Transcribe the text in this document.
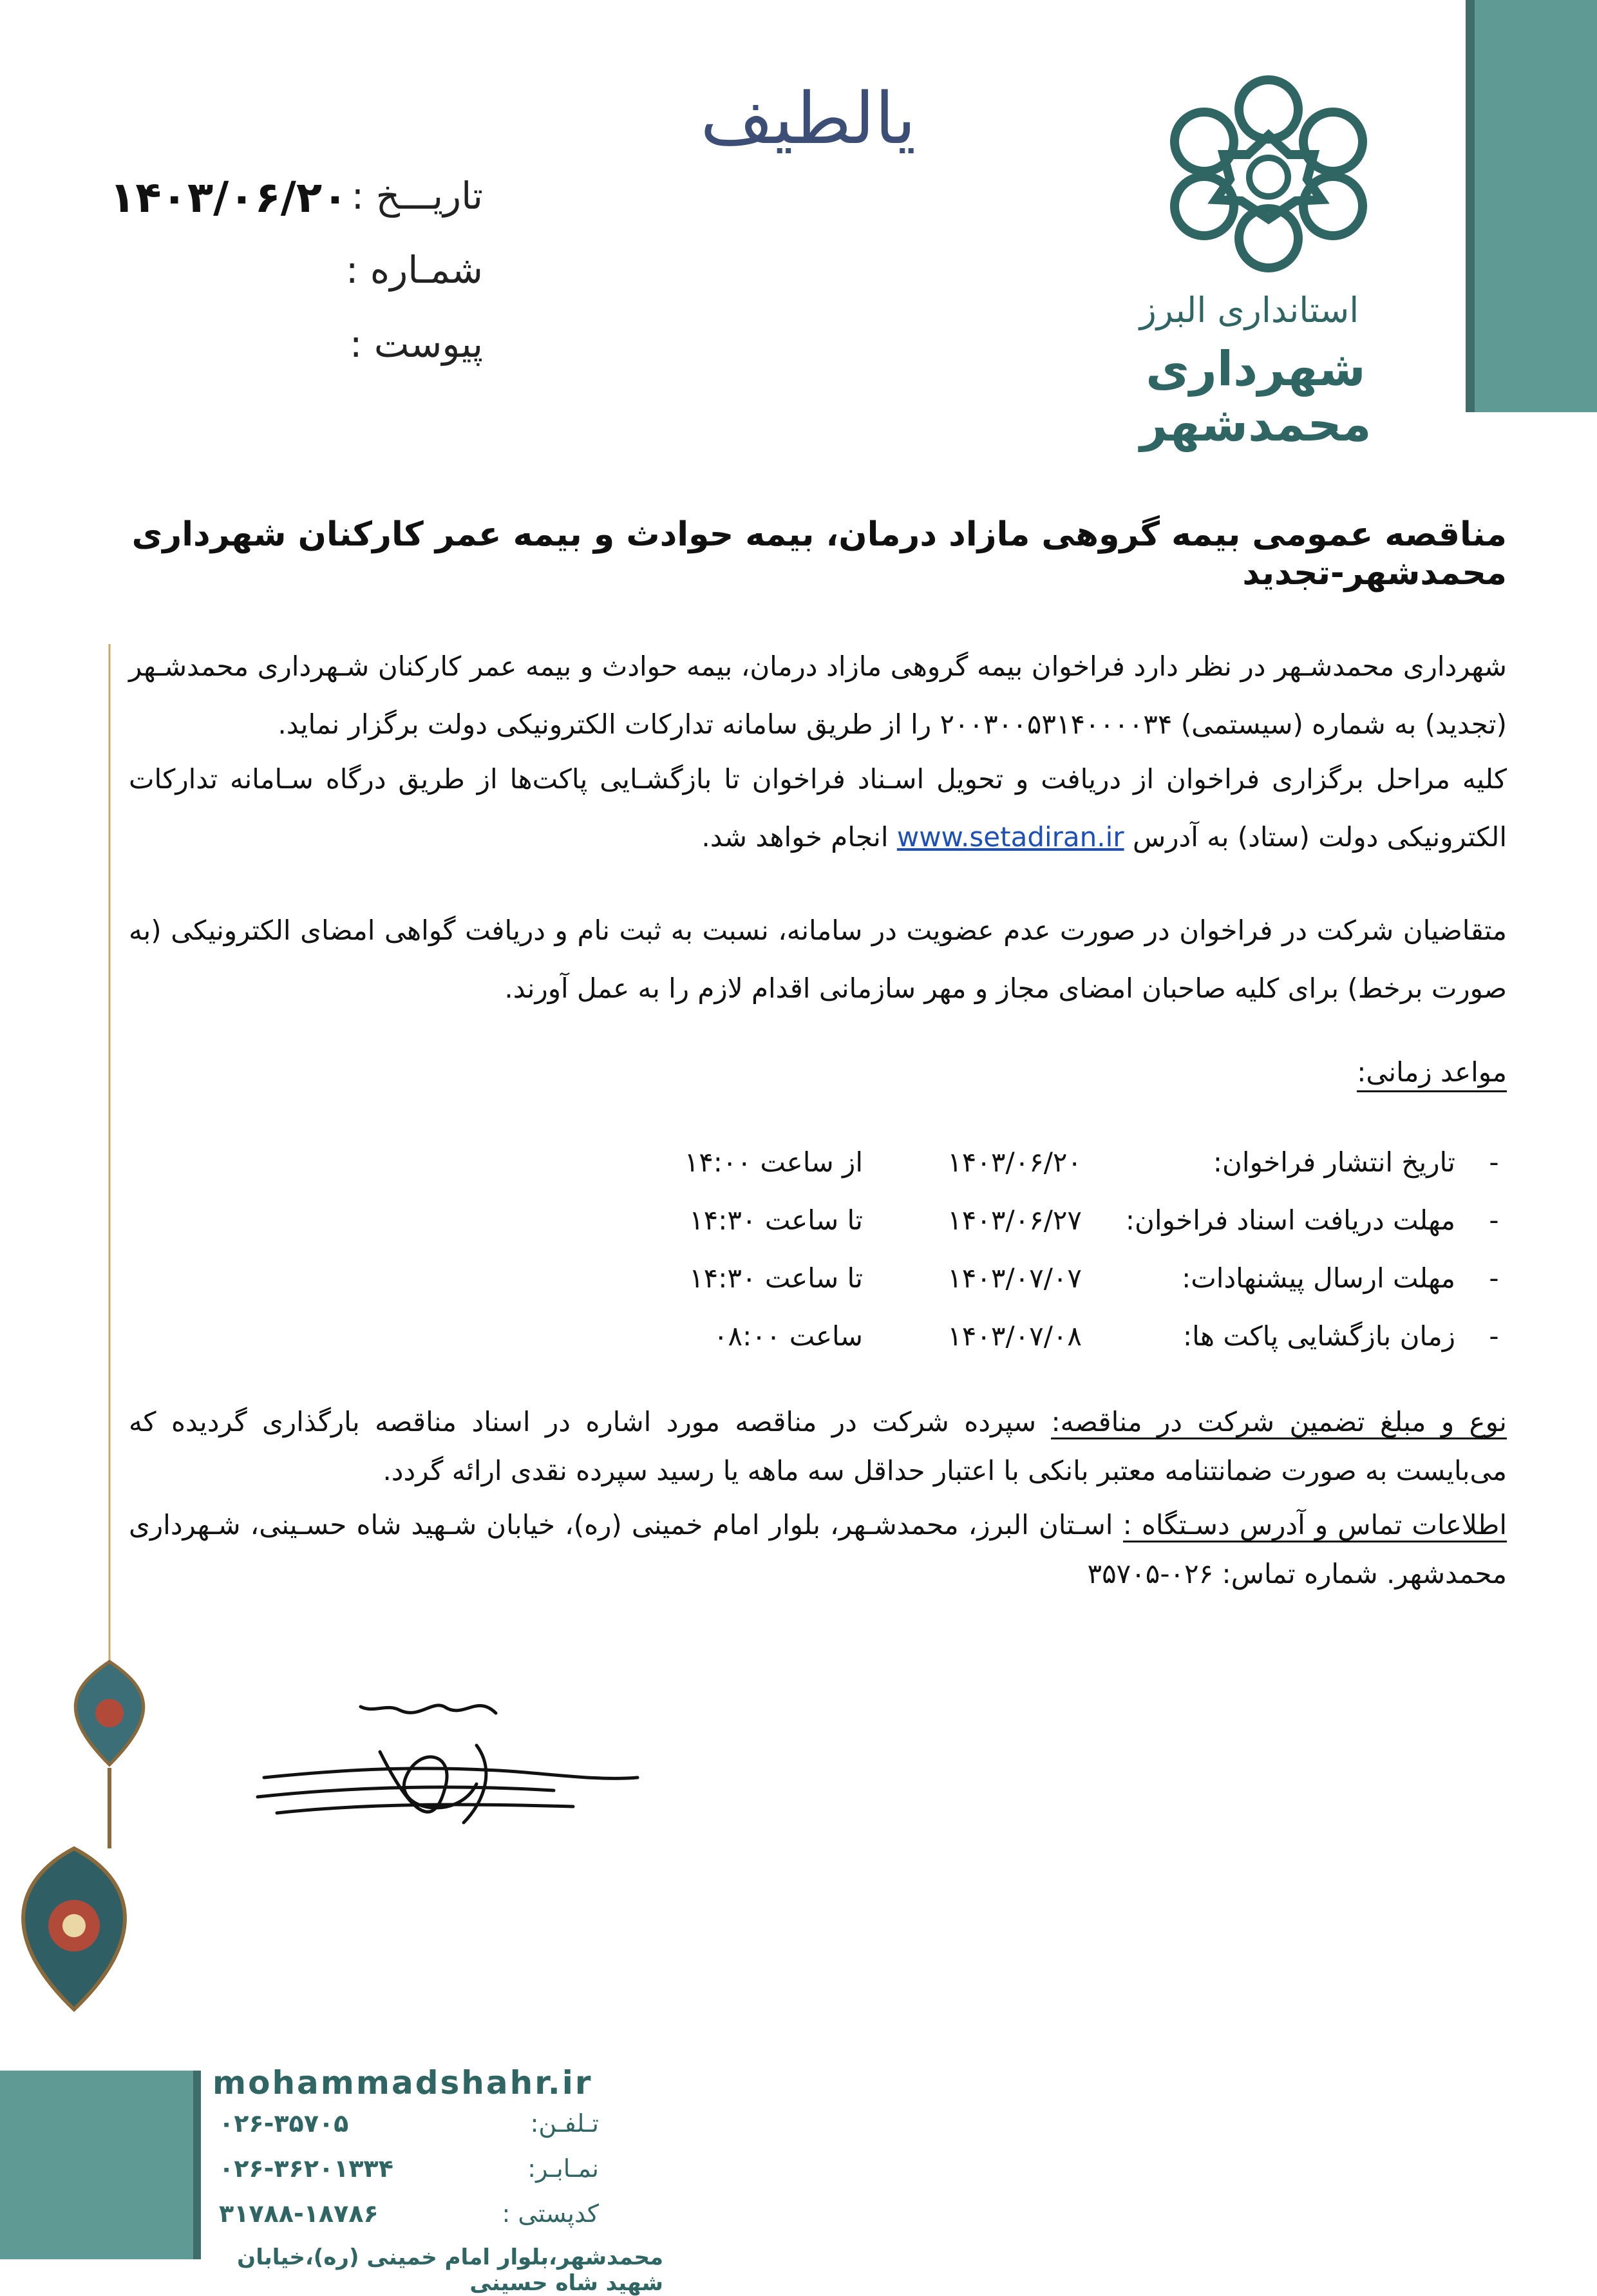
استانداری البرز
شهرداری محمدشهر
یالطیف
تاریـــخ :
۱۴۰۳/۰۶/۲۰
شمـاره :
پیوست :
مناقصه عمومی بیمه گروهی مازاد درمان، بیمه حوادث و بیمه عمر کارکنان شهرداری محمدشهر-تجدید
شهرداری محمدشـهر در نظر دارد فراخوان بیمه گروهی مازاد درمان، بیمه حوادث و بیمه عمر کارکنان شـهرداری محمدشـهر (تجدید) به شماره (سیستمی) ۲۰۰۳۰۰۵۳۱۴۰۰۰۰۳۴ را از طریق سامانه تدارکات الکترونیکی دولت برگزار نماید.
کلیه مراحل برگزاری فراخوان از دریافت و تحویل اسـناد فراخوان تا بازگشـایی پاکت‌ها از طریق درگاه سـامانه تدارکات الکترونیکی دولت (ستاد) به آدرس www.setadiran.ir انجام خواهد شد.
متقاضیان شرکت در فراخوان در صورت عدم عضویت در سامانه، نسبت به ثبت نام و دریافت گواهی امضای الکترونیکی (به صورت برخط) برای کلیه صاحبان امضای مجاز و مهر سازمانی اقدام لازم را به عمل آورند.
مواعد زمانی:
-
تاریخ انتشار فراخوان:
۱۴۰۳/۰۶/۲۰
از ساعت ۱۴:۰۰
-
مهلت دریافت اسناد فراخوان:
۱۴۰۳/۰۶/۲۷
تا ساعت ۱۴:۳۰
-
مهلت ارسال پیشنهادات:
۱۴۰۳/۰۷/۰۷
تا ساعت ۱۴:۳۰
-
زمان بازگشایی پاکت ها:
۱۴۰۳/۰۷/۰۸
ساعت ۰۸:۰۰
نوع و مبلغ تضمین شرکت در مناقصه: سپرده شرکت در مناقصه مورد اشاره در اسناد مناقصه بارگذاری گردیده که می‌بایست به صورت ضمانتنامه معتبر بانکی با اعتبار حداقل سه ماهه یا رسید سپرده نقدی ارائه گردد.
اطلاعات تماس و آدرس دسـتگاه : اسـتان البرز، محمدشـهر، بلوار امام خمینی (ره)، خیابان شـهید شاه حسـینی، شـهرداری محمدشهر. شماره تماس: ۰۲۶-۳۵۷۰۵
mohammadshahr.ir
۰۲۶-۳۵۷۰۵	تـلفـن:
۰۲۶-۳۶۲۰۱۳۳۴	نمـابـر:
۳۱۷۸۸-۱۸۷۸۶	کدپستی :
محمدشهر،بلوار امام خمینی (ره)،خیابان شهید شاه حسینی
